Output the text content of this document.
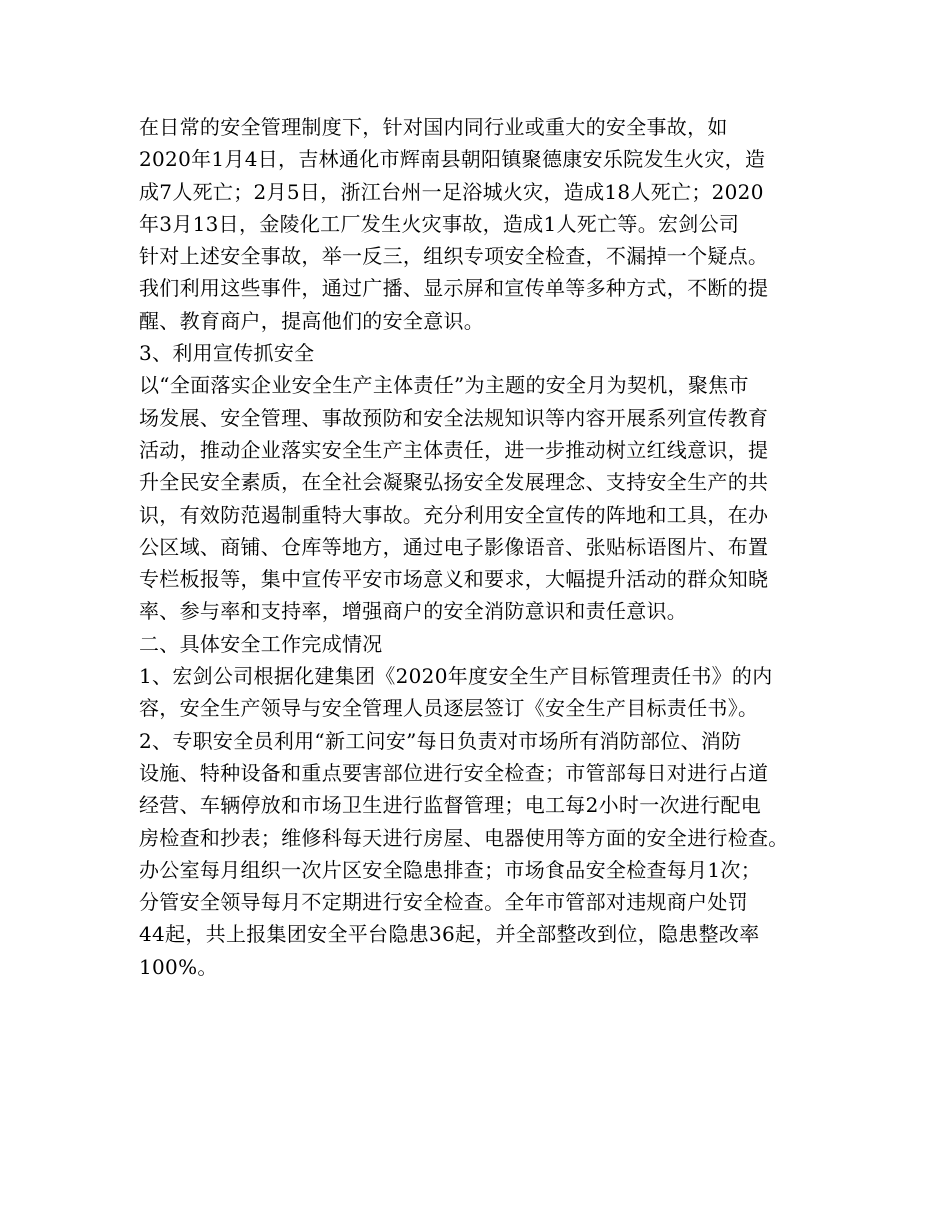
在日常的安全管理制度下，针对国内同行业或重大的安全事故，如
2020年1月4日，吉林通化市辉南县朝阳镇聚德康安乐院发生火灾，造
成7人死亡；2月5日，浙江台州一足浴城火灾，造成18人死亡；2020
年3月13日，金陵化工厂发生火灾事故，造成1人死亡等。宏剑公司
针对上述安全事故，举一反三，组织专项安全检查，不漏掉一个疑点。
我们利用这些事件，通过广播、显示屏和宣传单等多种方式，不断的提
醒、教育商户，提高他们的安全意识。
3、利用宣传抓安全
以“全面落实企业安全生产主体责任”为主题的安全月为契机，聚焦市
场发展、安全管理、事故预防和安全法规知识等内容开展系列宣传教育
活动，推动企业落实安全生产主体责任，进一步推动树立红线意识，提
升全民安全素质，在全社会凝聚弘扬安全发展理念、支持安全生产的共
识，有效防范遏制重特大事故。充分利用安全宣传的阵地和工具，在办
公区域、商铺、仓库等地方，通过电子影像语音、张贴标语图片、布置
专栏板报等，集中宣传平安市场意义和要求，大幅提升活动的群众知晓
率、参与率和支持率，增强商户的安全消防意识和责任意识。
二、具体安全工作完成情况
1、宏剑公司根据化建集团《2020年度安全生产目标管理责任书》的内
容，安全生产领导与安全管理人员逐层签订《安全生产目标责任书》。
2、专职安全员利用“新工问安”每日负责对市场所有消防部位、消防
设施、特种设备和重点要害部位进行安全检查；市管部每日对进行占道
经营、车辆停放和市场卫生进行监督管理；电工每2小时一次进行配电
房检查和抄表；维修科每天进行房屋、电器使用等方面的安全进行检查。
办公室每月组织一次片区安全隐患排查；市场食品安全检查每月1次；
分管安全领导每月不定期进行安全检查。全年市管部对违规商户处罚
44起，共上报集团安全平台隐患36起，并全部整改到位，隐患整改率
100%。
